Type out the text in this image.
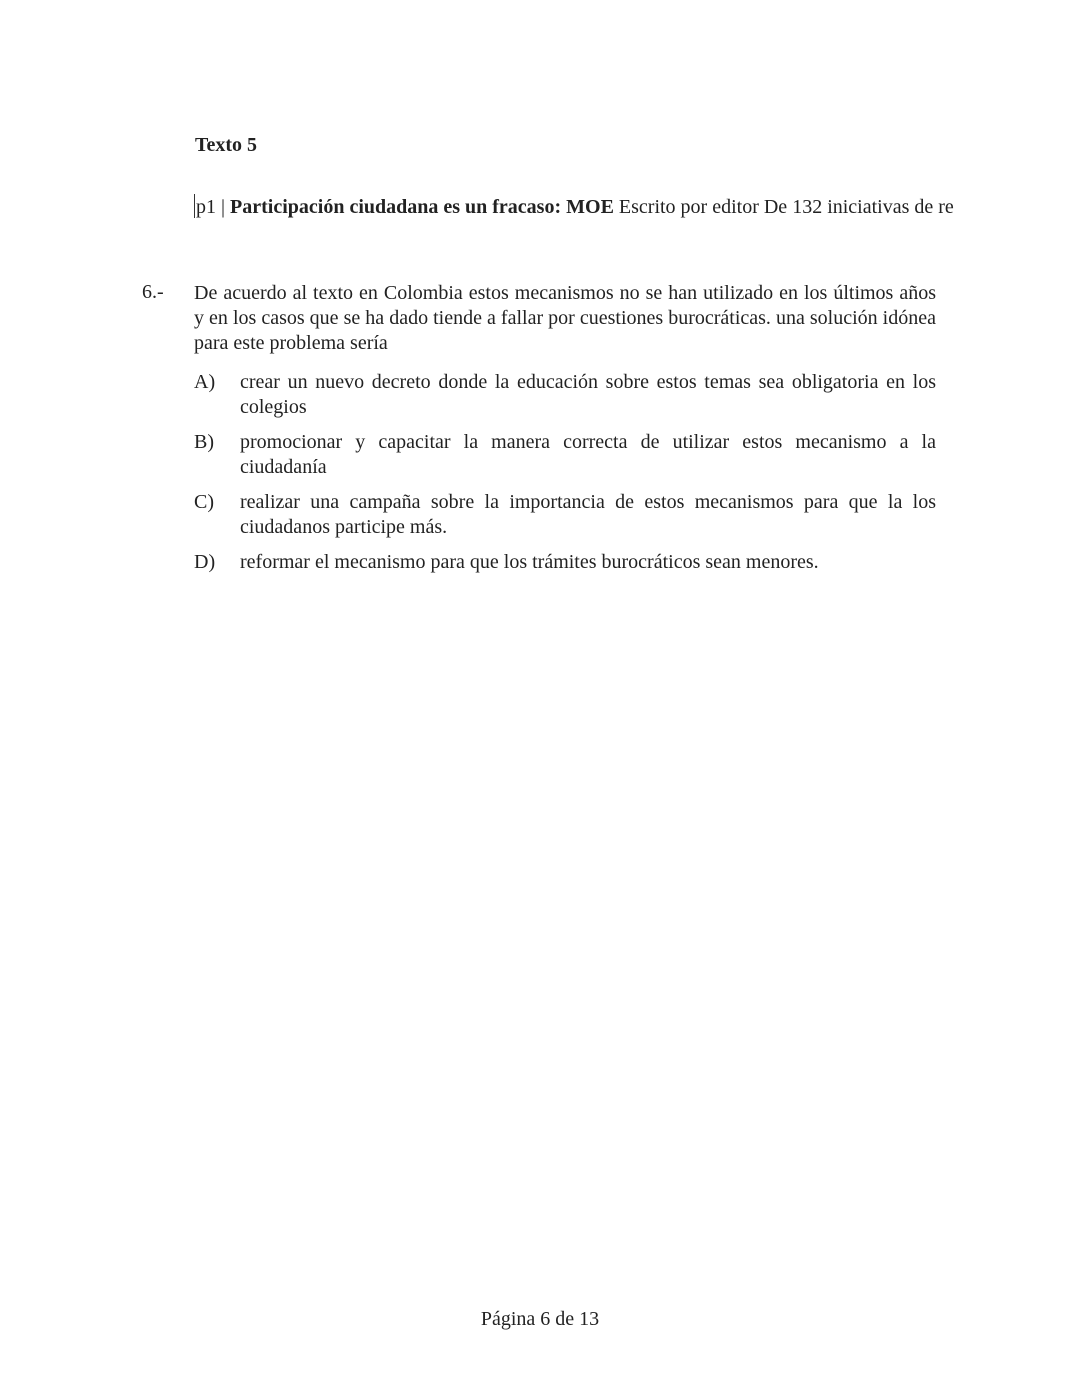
Texto 5
p1 | Participación ciudadana es un fracaso: MOE Escrito por editor De 132 iniciativas de re
6.- De acuerdo al texto en Colombia estos mecanismos no se han utilizado en los últimos años y en los casos que se ha dado tiende a fallar por cuestiones burocráticas. una solución idónea para este problema sería
A) crear un nuevo decreto donde la educación sobre estos temas sea obligatoria en los colegios
B) promocionar y capacitar la manera correcta de utilizar estos mecanismo a la ciudadanía
C) realizar una campaña sobre la importancia de estos mecanismos para que la los ciudadanos participe más.
D) reformar el mecanismo para que los trámites burocráticos sean menores.
Página 6 de 13
